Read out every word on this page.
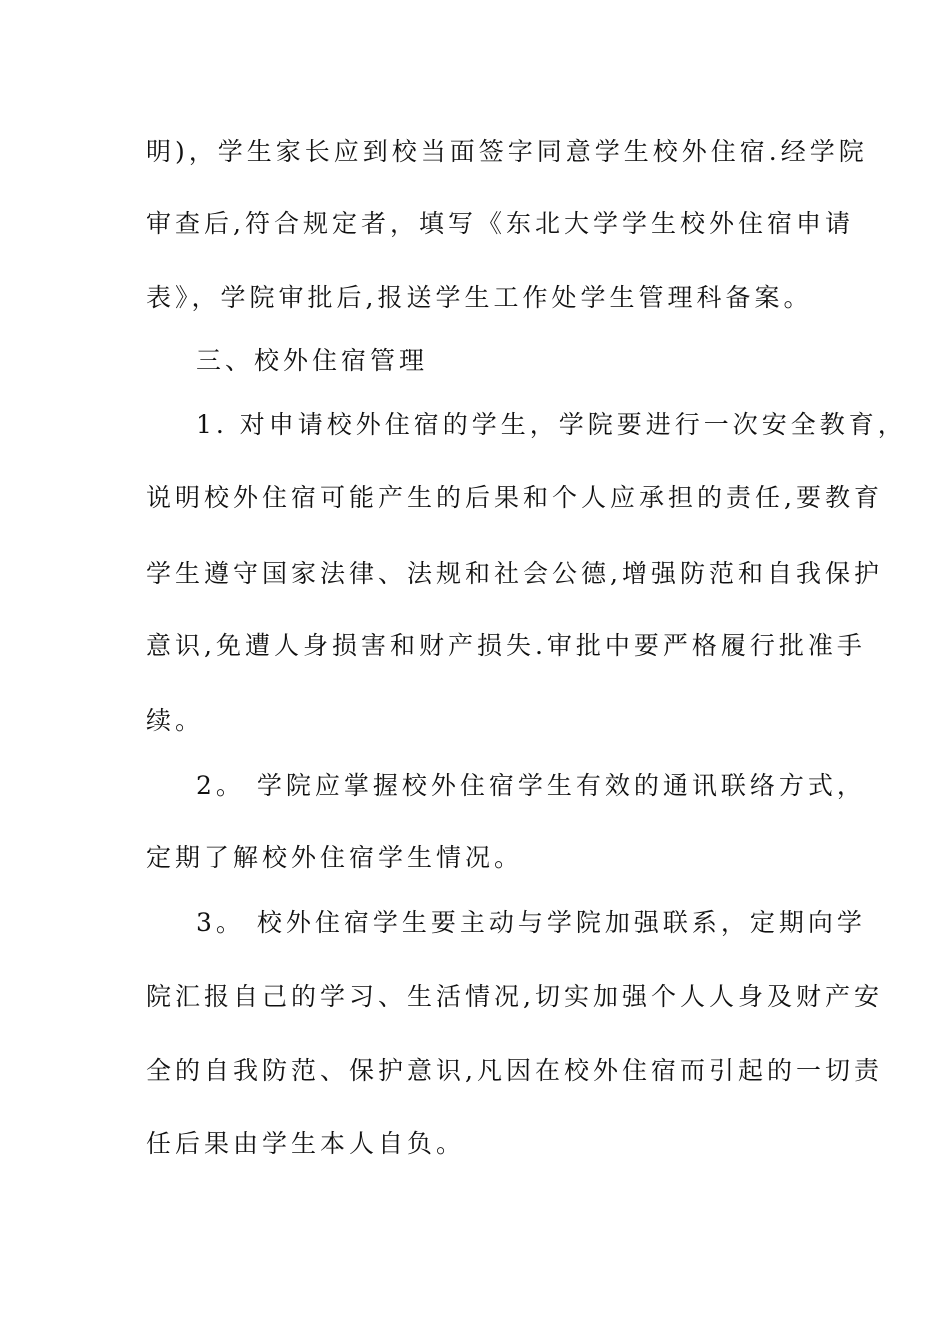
明)，学生家长应到校当面签字同意学生校外住宿.经学院
审查后,符合规定者，填写《东北大学学生校外住宿申请
表》，学院审批后,报送学生工作处学生管理科备案。
三、校外住宿管理
1. 对申请校外住宿的学生，学院要进行一次安全教育，
说明校外住宿可能产生的后果和个人应承担的责任,要教育
学生遵守国家法律、法规和社会公德,增强防范和自我保护
意识,免遭人身损害和财产损失.审批中要严格履行批准手
续。
2。 学院应掌握校外住宿学生有效的通讯联络方式，
定期了解校外住宿学生情况。
3。 校外住宿学生要主动与学院加强联系，定期向学
院汇报自己的学习、生活情况,切实加强个人人身及财产安
全的自我防范、保护意识,凡因在校外住宿而引起的一切责
任后果由学生本人自负。
